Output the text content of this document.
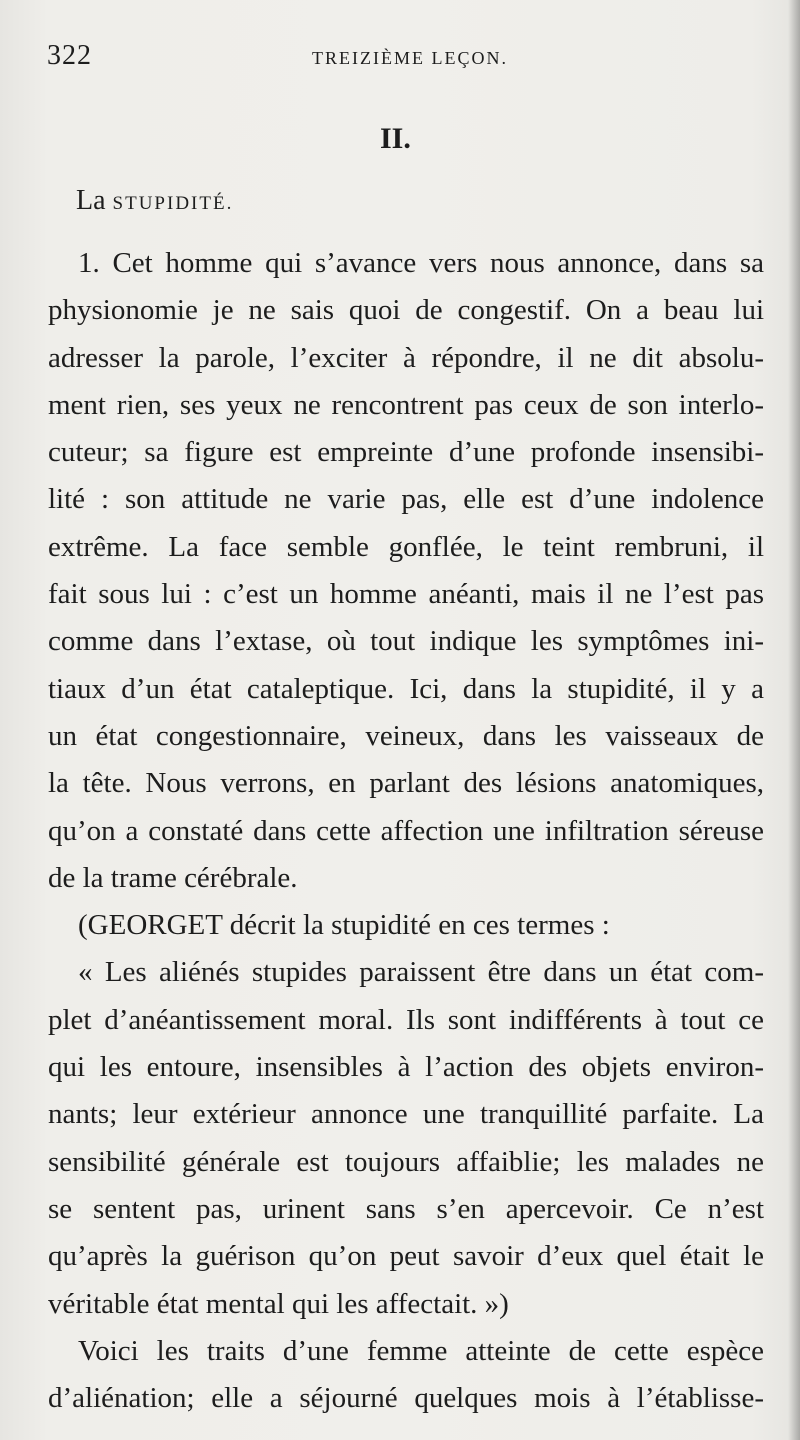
322	TREIZIÈME LEÇON.
II.
La STUPIDITÉ.
1. Cet homme qui s’avance vers nous annonce, dans sa
physionomie je ne sais quoi de congestif. On a beau lui
adresser la parole, l’exciter à répondre, il ne dit absolu-
ment rien, ses yeux ne rencontrent pas ceux de son interlo-
cuteur; sa figure est empreinte d’une profonde insensibi-
lité : son attitude ne varie pas, elle est d’une indolence
extrême. La face semble gonflée, le teint rembruni, il
fait sous lui : c’est un homme anéanti, mais il ne l’est pas
comme dans l’extase, où tout indique les symptômes ini-
tiaux d’un état cataleptique. Ici, dans la stupidité, il y a
un état congestionnaire, veineux, dans les vaisseaux de
la tête. Nous verrons, en parlant des lésions anatomiques,
qu’on a constaté dans cette affection une infiltration séreuse
de la trame cérébrale.
(GEORGET décrit la stupidité en ces termes :
« Les aliénés stupides paraissent être dans un état com-
plet d’anéantissement moral. Ils sont indifférents à tout ce
qui les entoure, insensibles à l’action des objets environ-
nants; leur extérieur annonce une tranquillité parfaite. La
sensibilité générale est toujours affaiblie; les malades ne
se sentent pas, urinent sans s’en apercevoir. Ce n’est
qu’après la guérison qu’on peut savoir d’eux quel était le
véritable état mental qui les affectait. »)
Voici les traits d’une femme atteinte de cette espèce
d’aliénation; elle a séjourné quelques mois à l’établisse-
